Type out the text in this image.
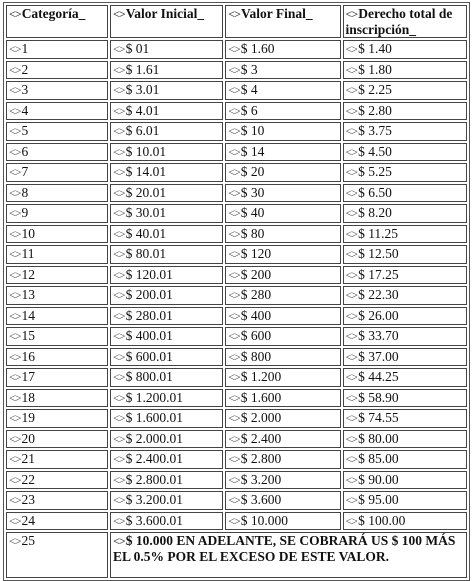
<>Categoría_	<>Valor Inicial_	<>Valor Final_	<>Derecho total de inscripción_
<>1	<>$ 01	<>$ 1.60	<>$ 1.40
<>2	<>$ 1.61	<>$ 3	<>$ 1.80
<>3	<>$ 3.01	<>$ 4	<>$ 2.25
<>4	<>$ 4.01	<>$ 6	<>$ 2.80
<>5	<>$ 6.01	<>$ 10	<>$ 3.75
<>6	<>$ 10.01	<>$ 14	<>$ 4.50
<>7	<>$ 14.01	<>$ 20	<>$ 5.25
<>8	<>$ 20.01	<>$ 30	<>$ 6.50
<>9	<>$ 30.01	<>$ 40	<>$ 8.20
<>10	<>$ 40.01	<>$ 80	<>$ 11.25
<>11	<>$ 80.01	<>$ 120	<>$ 12.50
<>12	<>$ 120.01	<>$ 200	<>$ 17.25
<>13	<>$ 200.01	<>$ 280	<>$ 22.30
<>14	<>$ 280.01	<>$ 400	<>$ 26.00
<>15	<>$ 400.01	<>$ 600	<>$ 33.70
<>16	<>$ 600.01	<>$ 800	<>$ 37.00
<>17	<>$ 800.01	<>$ 1.200	<>$ 44.25
<>18	<>$ 1.200.01	<>$ 1.600	<>$ 58.90
<>19	<>$ 1.600.01	<>$ 2.000	<>$ 74.55
<>20	<>$ 2.000.01	<>$ 2.400	<>$ 80.00
<>21	<>$ 2.400.01	<>$ 2.800	<>$ 85.00
<>22	<>$ 2.800.01	<>$ 3.200	<>$ 90.00
<>23	<>$ 3.200.01	<>$ 3.600	<>$ 95.00
<>24	<>$ 3.600.01	<>$ 10.000	<>$ 100.00
<>25	<>$ 10.000 EN ADELANTE, SE COBRARÁ US $ 100 MÁS EL 0.5% POR EL EXCESO DE ESTE VALOR.		
